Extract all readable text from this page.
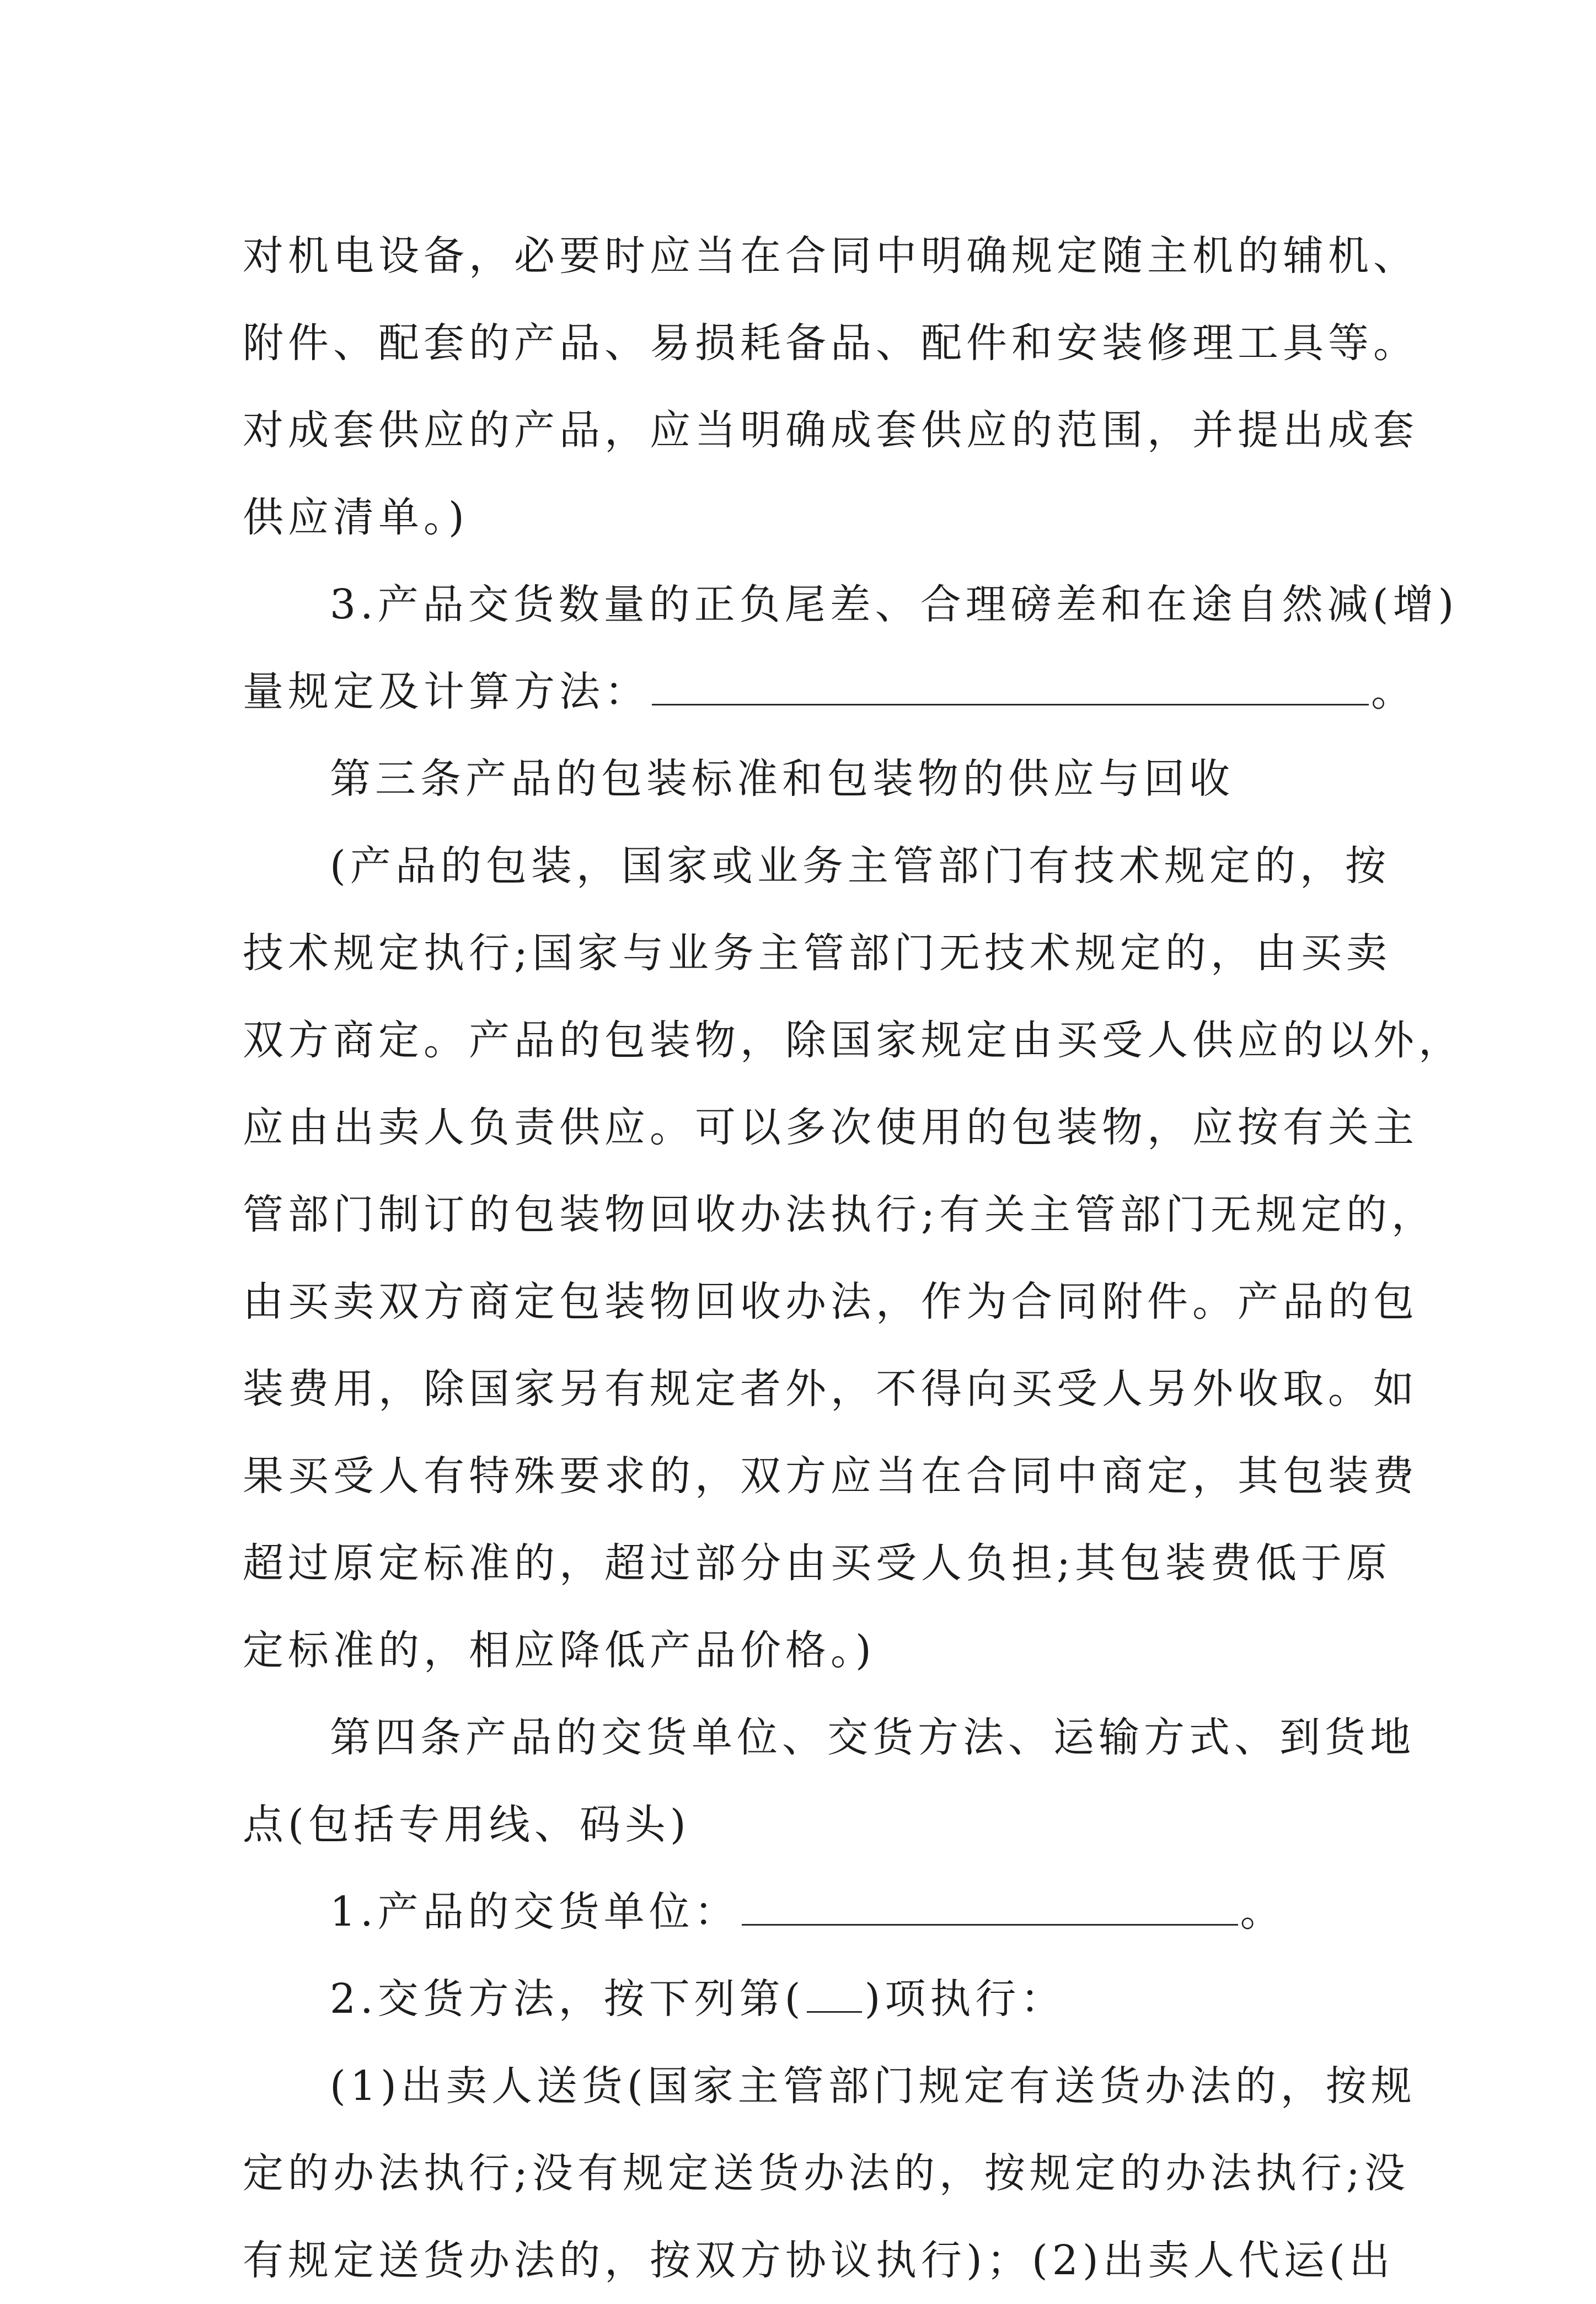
对机电设备，必要时应当在合同中明确规定随主机的辅机、
附件、配套的产品、易损耗备品、配件和安装修理工具等。
对成套供应的产品，应当明确成套供应的范围，并提出成套
供应清单。)
3.产品交货数量的正负尾差、合理磅差和在途自然减(增)
量规定及计算方法：	。
第三条产品的包装标准和包装物的供应与回收
(产品的包装，国家或业务主管部门有技术规定的，按
技术规定执行;国家与业务主管部门无技术规定的，由买卖
双方商定。产品的包装物，除国家规定由买受人供应的以外，
应由出卖人负责供应。可以多次使用的包装物，应按有关主
管部门制订的包装物回收办法执行;有关主管部门无规定的，
由买卖双方商定包装物回收办法，作为合同附件。产品的包
装费用，除国家另有规定者外，不得向买受人另外收取。如
果买受人有特殊要求的，双方应当在合同中商定，其包装费
超过原定标准的，超过部分由买受人负担;其包装费低于原
定标准的，相应降低产品价格。)
第四条产品的交货单位、交货方法、运输方式、到货地
点(包括专用线、码头)
1.产品的交货单位：	。
2.交货方法，按下列第( )项执行：
(1)出卖人送货(国家主管部门规定有送货办法的，按规
定的办法执行;没有规定送货办法的，按规定的办法执行;没
有规定送货办法的，按双方协议执行)；(2)出卖人代运(出
